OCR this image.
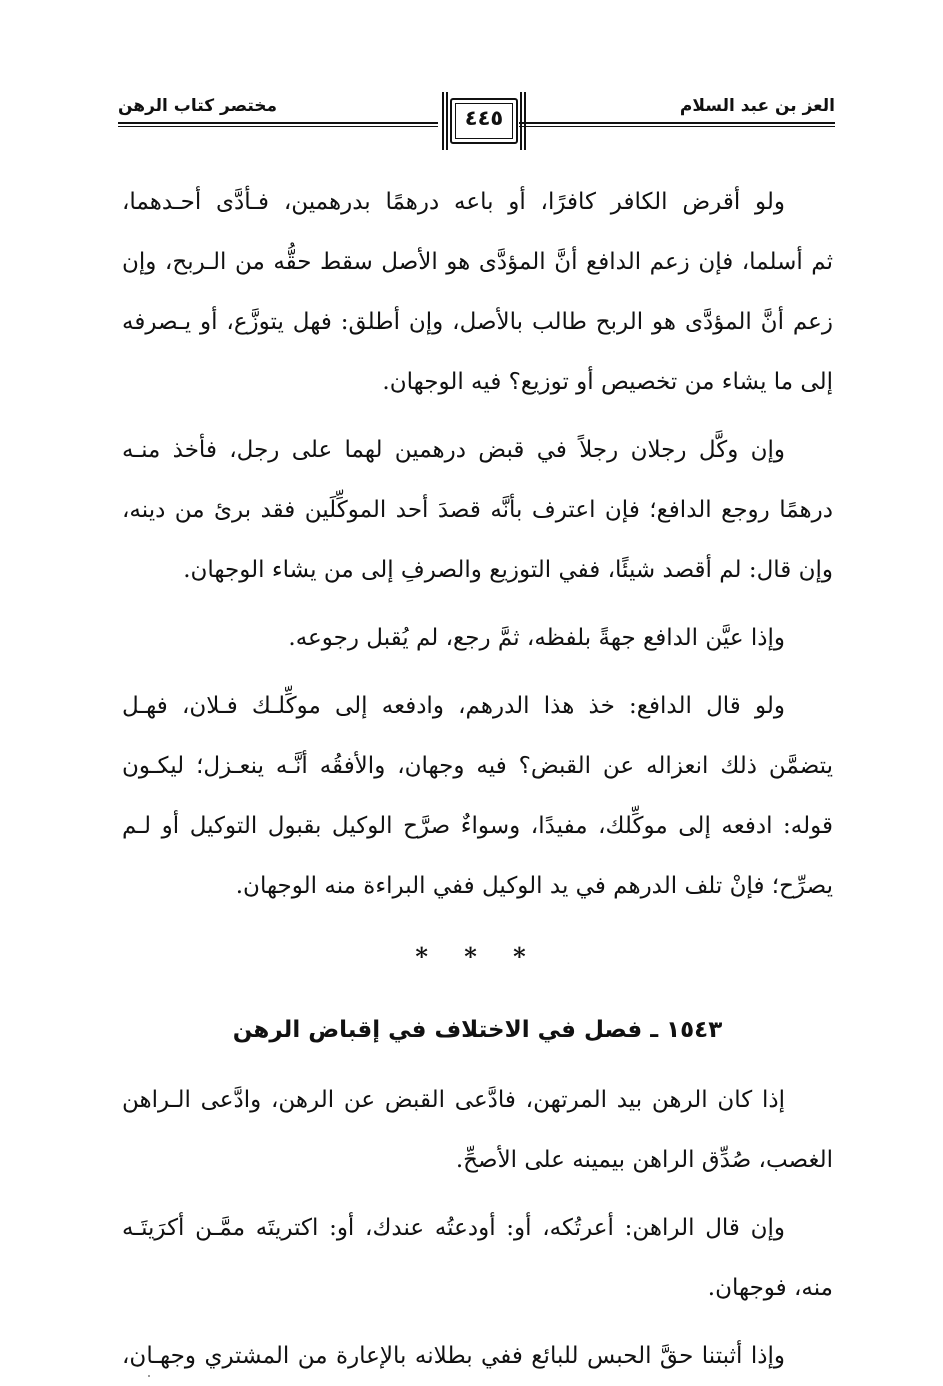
العز بن عبد السلام
مختصر كتاب الرهن	٤٤٥
ولو أقرض الكافر كافرًا، أو باعه درهمًا بدرهمين، فـأدَّى أحـدهما،
ثم أسلما، فإن زعم الدافع أنَّ المؤدَّى هو الأصل سقط حقُّه من الـربح، وإن
زعم أنَّ المؤدَّى هو الربح طالب بالأصل، وإن أطلق: فهل يتوزَّع، أو يـصرفه
إلى ما يشاء من تخصيص أو توزيع؟ فيه الوجهان.
وإن وكَّل رجلان رجلاً في قبض درهمين لهما على رجل، فأخذ منـه
درهمًا روجع الدافع؛ فإن اعترف بأنَّه قصدَ أحد الموكِّلَين فقد برئ من دينه،
وإن قال: لم أقصد شيئًا، ففي التوزيع والصرفِ إلى من يشاء الوجهان.
وإذا عيَّن الدافع جهةً بلفظه، ثمَّ رجع، لم يُقبل رجوعه.
ولو قال الدافع: خذ هذا الدرهم، وادفعه إلى موكِّلـك فـلان، فهـل
يتضمَّن ذلك انعزاله عن القبض؟ فيه وجهان، والأفقُه أنَّـه ينعـزل؛ ليكـون
قوله: ادفعه إلى موكِّلك، مفيدًا، وسواءٌ صرَّح الوكيل بقبول التوكيل أو لـم
يصرِّح؛ فإنْ تلف الدرهم في يد الوكيل ففي البراءة منه الوجهان.
* * *
١٥٤٣ ـ فصل في الاختلاف في إقباض الرهن
إذا كان الرهن بيد المرتهن، فادَّعى القبض عن الرهن، وادَّعى الـراهن
الغصب، صُدِّق الراهن بيمينه على الأصحِّ.
وإن قال الراهن: أعرتُكه، أو: أودعتُه عندك، أو: اكتريتَه ممَّـن أكرَيتَـه
منه، فوجهان.
وإذا أثبتنا حقَّ الحبس للبائع ففي بطلانه بالإعارة من المشتري وجهـان،
